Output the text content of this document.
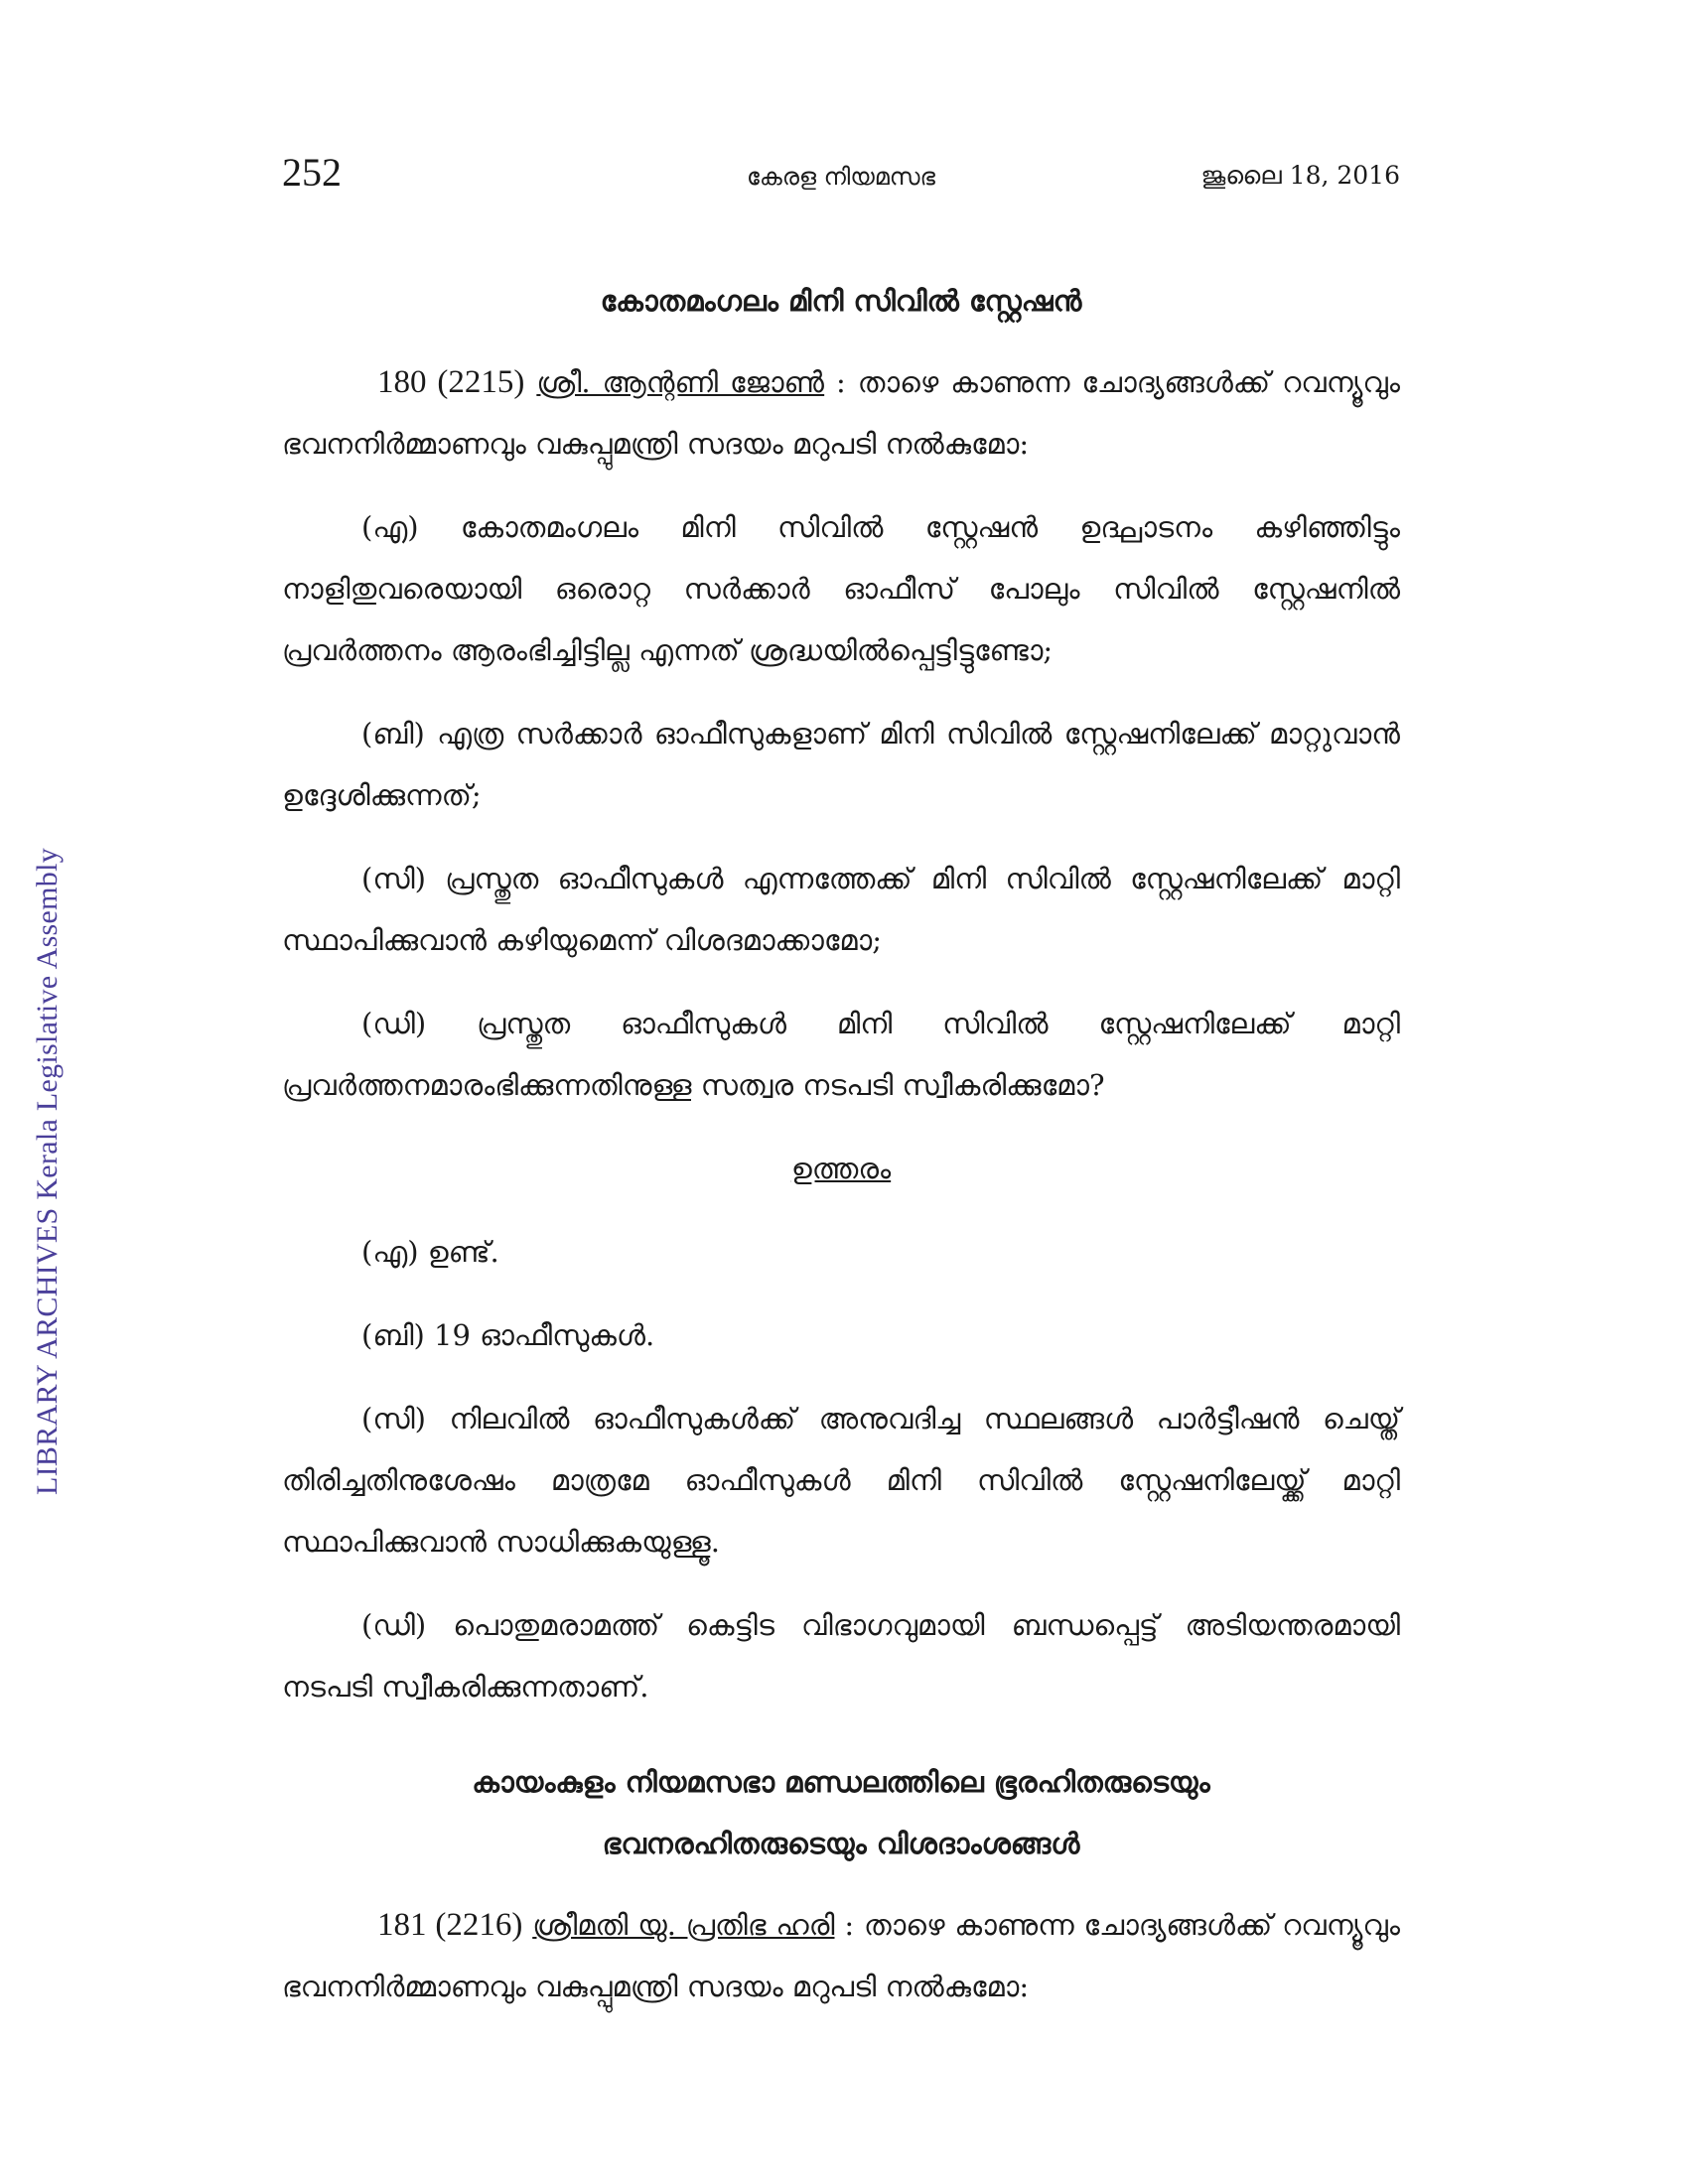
LIBRARY ARCHIVES Kerala Legislative Assembly
252	കേരള നിയമസഭ	ജൂലൈ 18, 2016

കോതമംഗലം മിനി സിവിൽ സ്റ്റേഷൻ

180 (2215) ശ്രീ. ആന്റണി ജോൺ : താഴെ കാണുന്ന ചോദ്യങ്ങൾക്ക് റവന്യൂവും ഭവനനിർമ്മാണവും വകുപ്പുമന്ത്രി സദയം മറുപടി നൽകുമോ:

(എ) കോതമംഗലം മിനി സിവിൽ സ്റ്റേഷൻ ഉദ്ഘാടനം കഴിഞ്ഞിട്ടും നാളിതുവരെയായി ഒരൊറ്റ സർക്കാർ ഓഫീസ് പോലും സിവിൽ സ്റ്റേഷനിൽ പ്രവർത്തനം ആരംഭിച്ചിട്ടില്ല എന്നത് ശ്രദ്ധയിൽപ്പെട്ടിട്ടുണ്ടോ;

(ബി) എത്ര സർക്കാർ ഓഫീസുകളാണ് മിനി സിവിൽ സ്റ്റേഷനിലേക്ക് മാറ്റുവാൻ ഉദ്ദേശിക്കുന്നത്;

(സി) പ്രസ്തുത ഓഫീസുകൾ എന്നത്തേക്ക് മിനി സിവിൽ സ്റ്റേഷനിലേക്ക് മാറ്റി സ്ഥാപിക്കുവാൻ കഴിയുമെന്ന് വിശദമാക്കാമോ;

(ഡി) പ്രസ്തുത ഓഫീസുകൾ മിനി സിവിൽ സ്റ്റേഷനിലേക്ക് മാറ്റി പ്രവർത്തനമാരംഭിക്കുന്നതിനുള്ള സത്വര നടപടി സ്വീകരിക്കുമോ?

ഉത്തരം

(എ) ഉണ്ട്.

(ബി) 19 ഓഫീസുകൾ.

(സി) നിലവിൽ ഓഫീസുകൾക്ക് അനുവദിച്ച സ്ഥലങ്ങൾ പാർട്ടീഷൻ ചെയ്ത് തിരിച്ചതിനുശേഷം മാത്രമേ ഓഫീസുകൾ മിനി സിവിൽ സ്റ്റേഷനിലേയ്ക്ക് മാറ്റി സ്ഥാപിക്കുവാൻ സാധിക്കുകയുള്ളൂ.

(ഡി) പൊതുമരാമത്ത് കെട്ടിട വിഭാഗവുമായി ബന്ധപ്പെട്ട് അടിയന്തരമായി നടപടി സ്വീകരിക്കുന്നതാണ്.

കായംകുളം നിയമസഭാ മണ്ഡലത്തിലെ ഭൂരഹിതരുടെയും

ഭവനരഹിതരുടെയും വിശദാംശങ്ങൾ

181 (2216) ശ്രീമതി യു. പ്രതിഭ ഹരി : താഴെ കാണുന്ന ചോദ്യങ്ങൾക്ക് റവന്യൂവും ഭവനനിർമ്മാണവും വകുപ്പുമന്ത്രി സദയം മറുപടി നൽകുമോ:
